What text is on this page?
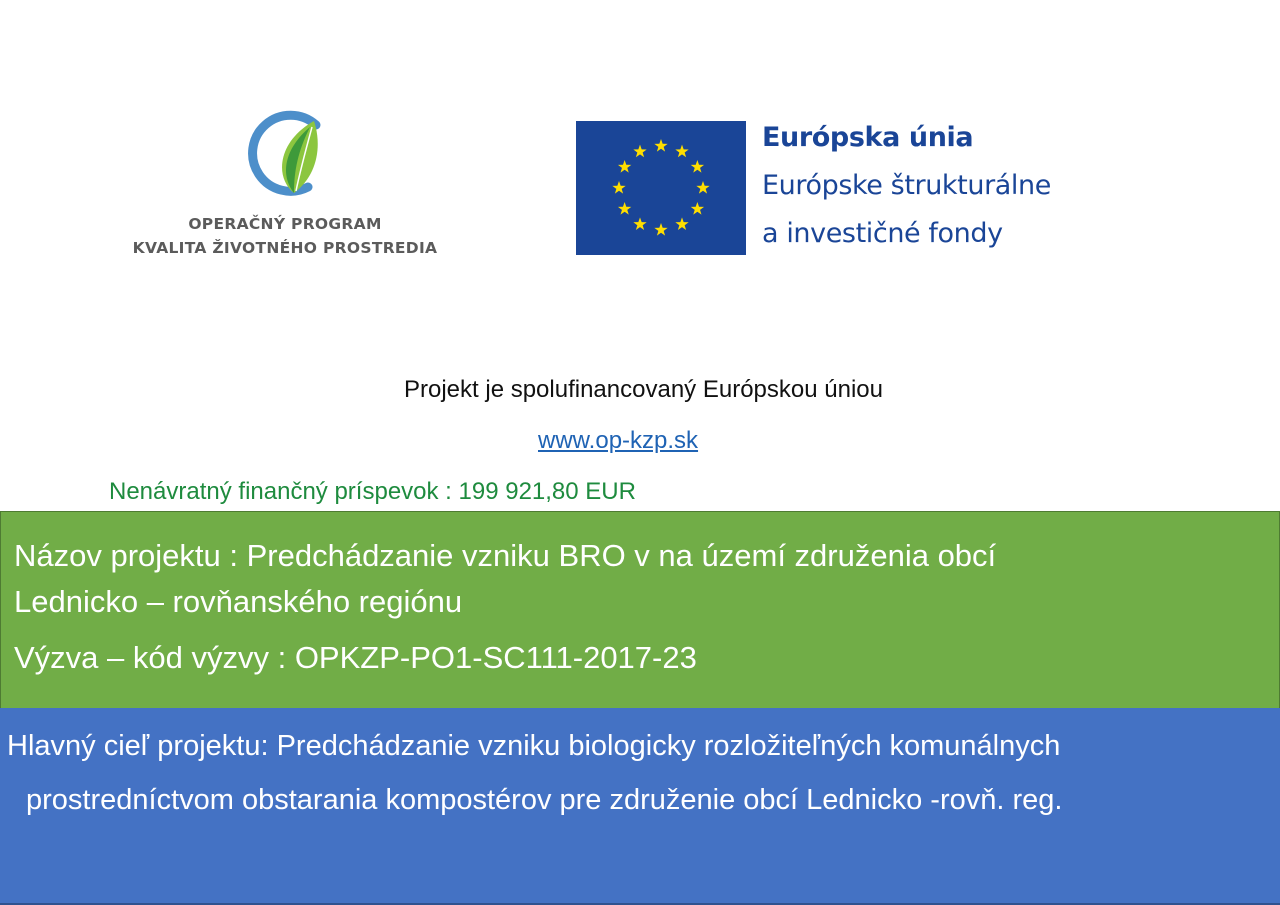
OPERAČNÝ PROGRAM
KVALITA ŽIVOTNÉHO PROSTREDIA
Európska únia
Európske štrukturálne
a investičné fondy
Projekt je spolufinancovaný Európskou úniou
www.op-kzp.sk
Nenávratný finančný príspevok : 199 921,80 EUR
Názov projektu : Predchádzanie vzniku BRO v na území združenia obcí
Lednicko – rovňanského regiónu
Výzva – kód výzvy : OPKZP-PO1-SC111-2017-23
Hlavný cieľ projektu: Predchádzanie vzniku biologicky rozložiteľných komunálnych
prostredníctvom obstarania kompostérov pre združenie obcí Lednicko -rovň. reg.
